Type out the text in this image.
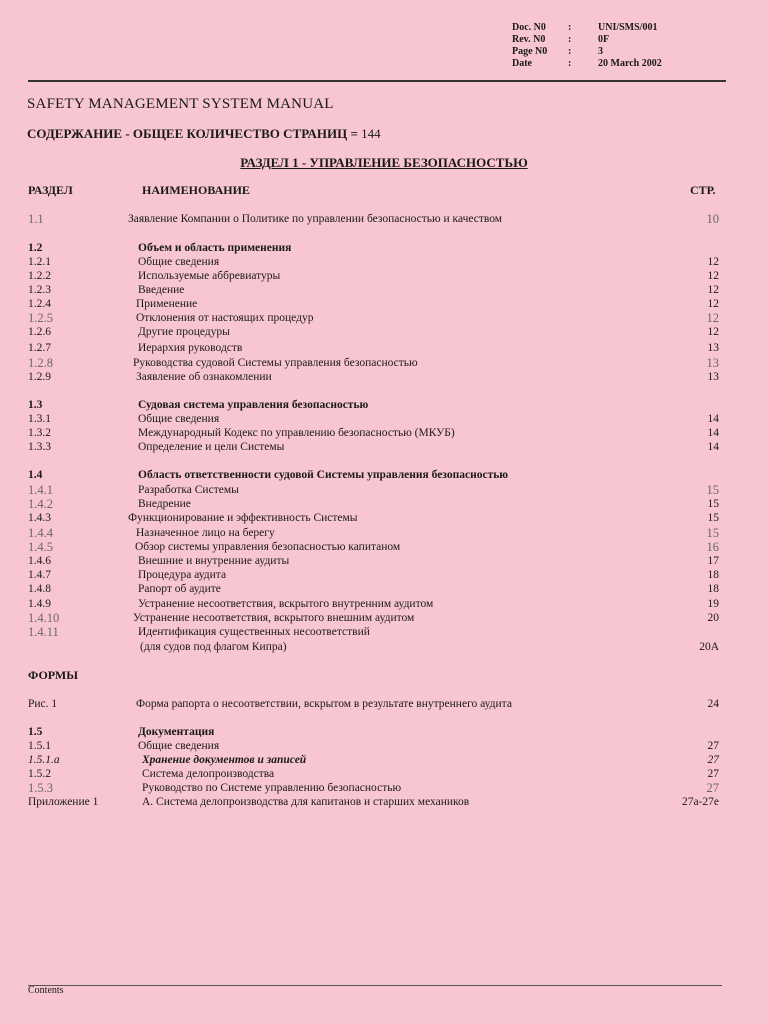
Doc. N0	:	UNI/SMS/001
Rev. N0	:	0F
Page N0	:	3
Date	:	20 March 2002
SAFETY MANAGEMENT SYSTEM MANUAL
СОДЕРЖАНИЕ - ОБЩЕЕ КОЛИЧЕСТВО СТРАНИЦ = 144
РАЗДЕЛ 1 - УПРАВЛЕНИЕ БЕЗОПАСНОСТЬЮ
РАЗДЕЛ	НАИМЕНОВАНИЕ	СТР.
1.1	Заявление Компании о Политике по управлении безопасностью и качеством	10
1.2	Объем и область применения
1.2.1	Общие сведения	12
1.2.2	Используемые аббревиатуры	12
1.2.3	Введение	12
1.2.4	Применение	12
1.2.5	Отклонения от настоящих процедур	12
1.2.6	Другие процедуры	12
1.2.7	Иерархия руководств	13
1.2.8	Руководства судовой Системы управления безопасностью	13
1.2.9	Заявление об ознакомлении	13
1.3	Судовая система управления безопасностью
1.3.1	Общие сведения	14
1.3.2	Международный Кодекс по управлению безопасностью (МКУБ)	14
1.3.3	Определение и цели Системы	14
1.4	Область ответственности судовой Системы управления безопасностью
1.4.1	Разработка Системы	15
1.4.2	Внедрение	15
1.4.3	Функционирование и эффективность Системы	15
1.4.4	Назначенное лицо на берегу	15
1.4.5	Обзор системы управления безопасностью капитаном	16
1.4.6	Внешние и внутренние аудиты	17
1.4.7	Процедура аудита	18
1.4.8	Рапорт об аудите	18
1.4.9	Устранение несоответствия, вскрытого внутренним аудитом	19
1.4.10	Устранение несоответствия, вскрытого внешним аудитом	20
1.4.11	Идентификация существенных несоответствий
(для судов под флагом Кипра)	20A
ФОРМЫ
Рис. 1	Форма рапорта о несоответствии, вскрытом в результате внутреннего аудита	24
1.5	Документация
1.5.1	Общие сведения	27
1.5.1.a	Хранение документов и записей	27
1.5.2	Система делопроизводства	27
1.5.3	Руководство по Системе управлению безопасностью	27
Приложение 1	А. Система делопроизводства для капитанов и старших механиков	27a-27e
Contents
